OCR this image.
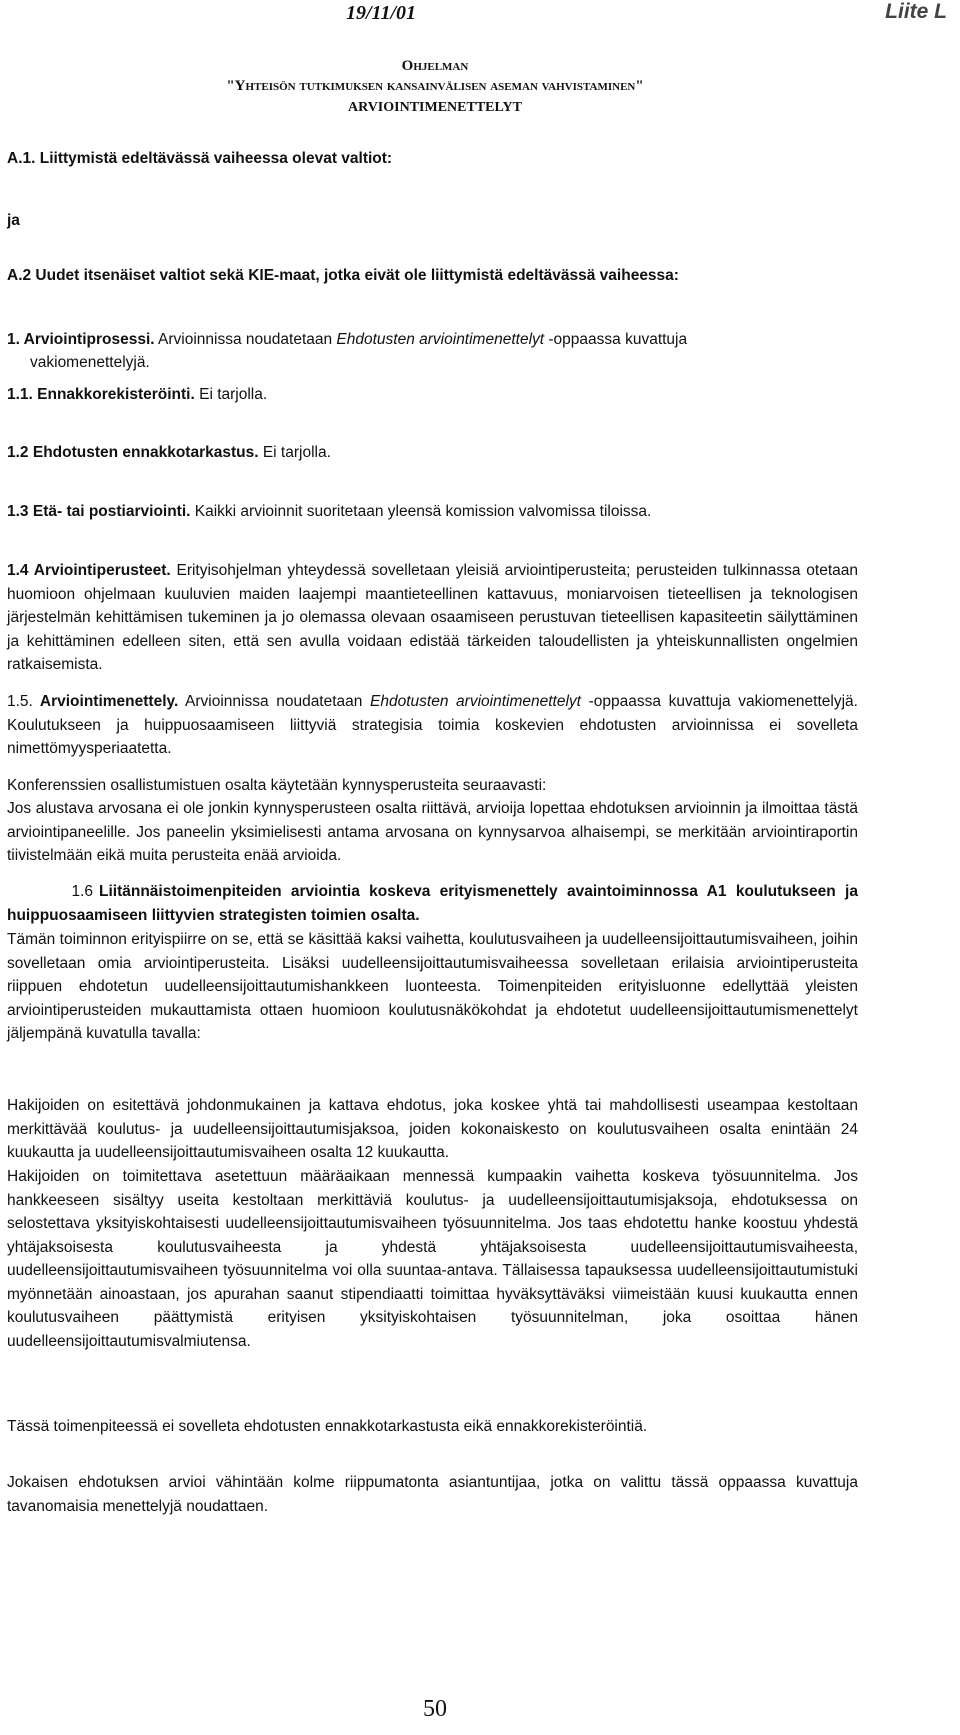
19/11/01	Liite L
Ohjelman
"Yhteisön tutkimuksen kansainvälisen aseman vahvistaminen"
ARVIOINTIMENETTELYT
A.1. Liittymistä edeltävässä vaiheessa olevat valtiot:
ja
A.2 Uudet itsenäiset valtiot sekä KIE-maat, jotka eivät ole liittymistä edeltävässä vaiheessa:
1. Arviointiprosessi. Arvioinnissa noudatetaan Ehdotusten arviointimenettelyt -oppaassa kuvattuja
vakiomenettelyjä.
1.1. Ennakkorekisteröinti. Ei tarjolla.
1.2 Ehdotusten ennakkotarkastus. Ei tarjolla.
1.3 Etä- tai postiarviointi. Kaikki arvioinnit suoritetaan yleensä komission valvomissa tiloissa.

1.4 Arviointiperusteet. Erityisohjelman yhteydessä sovelletaan yleisiä arviointiperusteita; perusteiden tulkinnassa otetaan huomioon ohjelmaan kuuluvien maiden laajempi maantieteellinen kattavuus, moniarvoisen tieteellisen ja teknologisen järjestelmän kehittämisen tukeminen ja jo olemassa olevaan osaamiseen perustuvan tieteellisen kapasiteetin säilyttäminen ja kehittäminen edelleen siten, että sen avulla voidaan edistää tärkeiden taloudellisten ja yhteiskunnallisten ongelmien ratkaisemista.

1.5. Arviointimenettely. Arvioinnissa noudatetaan Ehdotusten arviointimenettelyt -oppaassa kuvattuja vakiomenettelyjä. Koulutukseen ja huippuosaamiseen liittyviä strategisia toimia koskevien ehdotusten arvioinnissa ei sovelleta nimettömyysperiaatetta.

Konferenssien osallistumistuen osalta käytetään kynnysperusteita seuraavasti:

Jos alustava arvosana ei ole jonkin kynnysperusteen osalta riittävä, arvioija lopettaa ehdotuksen arvioinnin ja ilmoittaa tästä arviointipaneelille. Jos paneelin yksimielisesti antama arvosana on kynnysarvoa alhaisempi, se merkitään arviointiraportin tiivistelmään eikä muita perusteita enää arvioida.

1.6 Liitännäistoimenpiteiden arviointia koskeva erityismenettely avaintoiminnossa A1 koulutukseen ja huippuosaamiseen liittyvien strategisten toimien osalta.

Tämän toiminnon erityispiirre on se, että se käsittää kaksi vaihetta, koulutusvaiheen ja uudelleensijoittautumisvaiheen, joihin sovelletaan omia arviointiperusteita. Lisäksi uudelleensijoittautumisvaiheessa sovelletaan erilaisia arviointiperusteita riippuen ehdotetun uudelleensijoittautumishankkeen luonteesta. Toimenpiteiden erityisluonne edellyttää yleisten arviointiperusteiden mukauttamista ottaen huomioon koulutusnäkökohdat ja ehdotetut uudelleensijoittautumismenettelyt jäljempänä kuvatulla tavalla:

Hakijoiden on esitettävä johdonmukainen ja kattava ehdotus, joka koskee yhtä tai mahdollisesti useampaa kestoltaan merkittävää koulutus- ja uudelleensijoittautumisjaksoa, joiden kokonaiskesto on koulutusvaiheen osalta enintään 24 kuukautta ja uudelleensijoittautumisvaiheen osalta 12 kuukautta.

Hakijoiden on toimitettava asetettuun määräaikaan mennessä kumpaakin vaihetta koskeva työsuunnitelma. Jos hankkeeseen sisältyy useita kestoltaan merkittäviä koulutus- ja uudelleensijoittautumisjaksoja, ehdotuksessa on selostettava yksityiskohtaisesti uudelleensijoittautumisvaiheen työsuunnitelma. Jos taas ehdotettu hanke koostuu yhdestä yhtäjaksoisesta koulutusvaiheesta ja yhdestä yhtäjaksoisesta uudelleensijoittautumisvaiheesta, uudelleensijoittautumisvaiheen työsuunnitelma voi olla suuntaa-antava. Tällaisessa tapauksessa uudelleensijoittautumistuki myönnetään ainoastaan, jos apurahan saanut stipendiaatti toimittaa hyväksyttäväksi viimeistään kuusi kuukautta ennen koulutusvaiheen päättymistä erityisen yksityiskohtaisen työsuunnitelman, joka osoittaa hänen uudelleensijoittautumisvalmiutensa.

Tässä toimenpiteessä ei sovelleta ehdotusten ennakkotarkastusta eikä ennakkorekisteröintiä.

Jokaisen ehdotuksen arvioi vähintään kolme riippumatonta asiantuntijaa, jotka on valittu tässä oppaassa kuvattuja tavanomaisia menettelyjä noudattaen.

50
